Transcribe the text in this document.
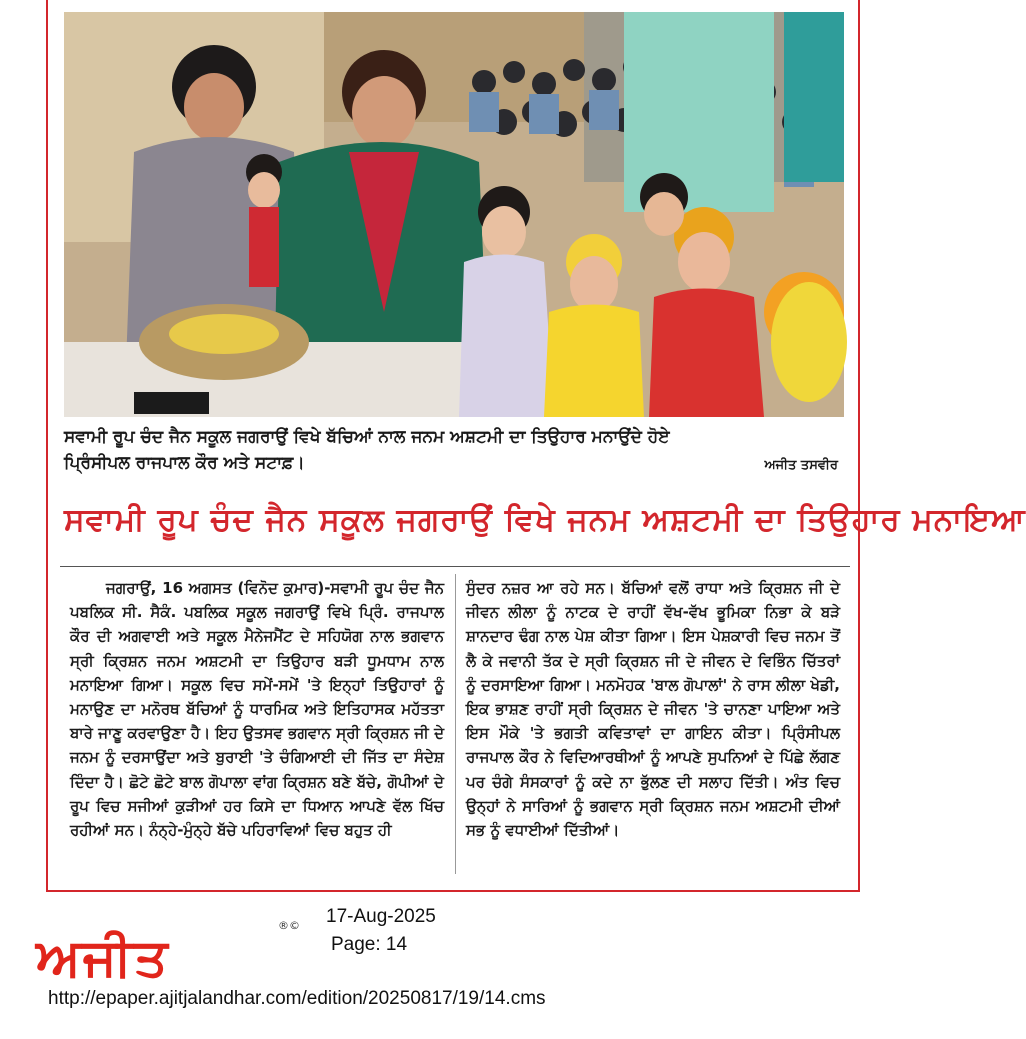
ਸਵਾਮੀ ਰੂਪ ਚੰਦ ਜੈਨ ਸਕੂਲ ਜਗਰਾਉਂ ਵਿਖੇ ਬੱਚਿਆਂ ਨਾਲ ਜਨਮ ਅਸ਼ਟਮੀ ਦਾ ਤਿਉਹਾਰ ਮਨਾਉਂਦੇ ਹੋਏ
ਪ੍ਰਿੰਸੀਪਲ ਰਾਜਪਾਲ ਕੌਰ ਅਤੇ ਸਟਾਫ਼।	ਅਜੀਤ ਤਸਵੀਰ
ਸਵਾਮੀ ਰੂਪ ਚੰਦ ਜੈਨ ਸਕੂਲ ਜਗਰਾਉਂ ਵਿਖੇ ਜਨਮ ਅਸ਼ਟਮੀ ਦਾ ਤਿਉਹਾਰ ਮਨਾਇਆ
ਜਗਰਾਉਂ, 16 ਅਗਸਤ (ਵਿਨੋਦ ਕੁਮਾਰ)-ਸਵਾਮੀ ਰੂਪ ਚੰਦ ਜੈਨ ਪਬਲਿਕ ਸੀ. ਸੈਕੰ. ਪਬਲਿਕ ਸਕੂਲ ਜਗਰਾਉਂ ਵਿਖੇ ਪ੍ਰਿੰ. ਰਾਜਪਾਲ ਕੌਰ ਦੀ ਅਗਵਾਈ ਅਤੇ ਸਕੂਲ ਮੈਨੇਜਮੈਂਟ ਦੇ ਸਹਿਯੋਗ ਨਾਲ ਭਗਵਾਨ ਸ੍ਰੀ ਕ੍ਰਿਸ਼ਨ ਜਨਮ ਅਸ਼ਟਮੀ ਦਾ ਤਿਉਹਾਰ ਬੜੀ ਧੂਮਧਾਮ ਨਾਲ ਮਨਾਇਆ ਗਿਆ। ਸਕੂਲ ਵਿਚ ਸਮੇਂ-ਸਮੇਂ 'ਤੇ ਇਨ੍ਹਾਂ ਤਿਉਹਾਰਾਂ ਨੂੰ ਮਨਾਉਣ ਦਾ ਮਨੋਰਥ ਬੱਚਿਆਂ ਨੂੰ ਧਾਰਮਿਕ ਅਤੇ ਇਤਿਹਾਸਕ ਮਹੱਤਤਾ ਬਾਰੇ ਜਾਣੂ ਕਰਵਾਉਣਾ ਹੈ। ਇਹ ਉਤਸਵ ਭਗਵਾਨ ਸ੍ਰੀ ਕ੍ਰਿਸ਼ਨ ਜੀ ਦੇ ਜਨਮ ਨੂੰ ਦਰਸਾਉਂਦਾ ਅਤੇ ਬੁਰਾਈ 'ਤੇ ਚੰਗਿਆਈ ਦੀ ਜਿੱਤ ਦਾ ਸੰਦੇਸ਼ ਦਿੰਦਾ ਹੈ। ਛੋਟੇ ਛੋਟੇ ਬਾਲ ਗੋਪਾਲਾ ਵਾਂਗ ਕ੍ਰਿਸ਼ਨ ਬਣੇ ਬੱਚੇ, ਗੋਪੀਆਂ ਦੇ ਰੂਪ ਵਿਚ ਸਜੀਆਂ ਕੁੜੀਆਂ ਹਰ ਕਿਸੇ ਦਾ ਧਿਆਨ ਆਪਣੇ ਵੱਲ ਖਿੱਚ ਰਹੀਆਂ ਸਨ। ਨੰਨ੍ਹੇ-ਮੁੰਨ੍ਹੇ ਬੱਚੇ ਪਹਿਰਾਵਿਆਂ ਵਿਚ ਬਹੁਤ ਹੀ
ਸੁੰਦਰ ਨਜ਼ਰ ਆ ਰਹੇ ਸਨ। ਬੱਚਿਆਂ ਵਲੋਂ ਰਾਧਾ ਅਤੇ ਕ੍ਰਿਸ਼ਨ ਜੀ ਦੇ ਜੀਵਨ ਲੀਲਾ ਨੂੰ ਨਾਟਕ ਦੇ ਰਾਹੀਂ ਵੱਖ-ਵੱਖ ਭੂਮਿਕਾ ਨਿਭਾ ਕੇ ਬੜੇ ਸ਼ਾਨਦਾਰ ਢੰਗ ਨਾਲ ਪੇਸ਼ ਕੀਤਾ ਗਿਆ। ਇਸ ਪੇਸ਼ਕਾਰੀ ਵਿਚ ਜਨਮ ਤੋਂ ਲੈ ਕੇ ਜਵਾਨੀ ਤੱਕ ਦੇ ਸ੍ਰੀ ਕ੍ਰਿਸ਼ਨ ਜੀ ਦੇ ਜੀਵਨ ਦੇ ਵਿਭਿੰਨ ਚਿੱਤਰਾਂ ਨੂੰ ਦਰਸਾਇਆ ਗਿਆ। ਮਨਮੋਹਕ 'ਬਾਲ ਗੋਪਾਲਾਂ' ਨੇ ਰਾਸ ਲੀਲਾ ਖੇਡੀ, ਇਕ ਭਾਸ਼ਣ ਰਾਹੀਂ ਸ੍ਰੀ ਕ੍ਰਿਸ਼ਨ ਦੇ ਜੀਵਨ 'ਤੇ ਚਾਨਣਾ ਪਾਇਆ ਅਤੇ ਇਸ ਮੌਕੇ 'ਤੇ ਭਗਤੀ ਕਵਿਤਾਵਾਂ ਦਾ ਗਾਇਨ ਕੀਤਾ। ਪ੍ਰਿੰਸੀਪਲ ਰਾਜਪਾਲ ਕੌਰ ਨੇ ਵਿਦਿਆਰਥੀਆਂ ਨੂੰ ਆਪਣੇ ਸੁਪਨਿਆਂ ਦੇ ਪਿੱਛੇ ਲੱਗਣ ਪਰ ਚੰਗੇ ਸੰਸਕਾਰਾਂ ਨੂੰ ਕਦੇ ਨਾ ਭੁੱਲਣ ਦੀ ਸਲਾਹ ਦਿੱਤੀ। ਅੰਤ ਵਿਚ ਉਨ੍ਹਾਂ ਨੇ ਸਾਰਿਆਂ ਨੂੰ ਭਗਵਾਨ ਸ੍ਰੀ ਕ੍ਰਿਸ਼ਨ ਜਨਮ ਅਸ਼ਟਮੀ ਦੀਆਂ ਸਭ ਨੂੰ ਵਧਾਈਆਂ ਦਿੱਤੀਆਂ।
ਅਜੀਤ
®© 17-Aug-2025
Page: 14
http://epaper.ajitjalandhar.com/edition/20250817/19/14.cms
